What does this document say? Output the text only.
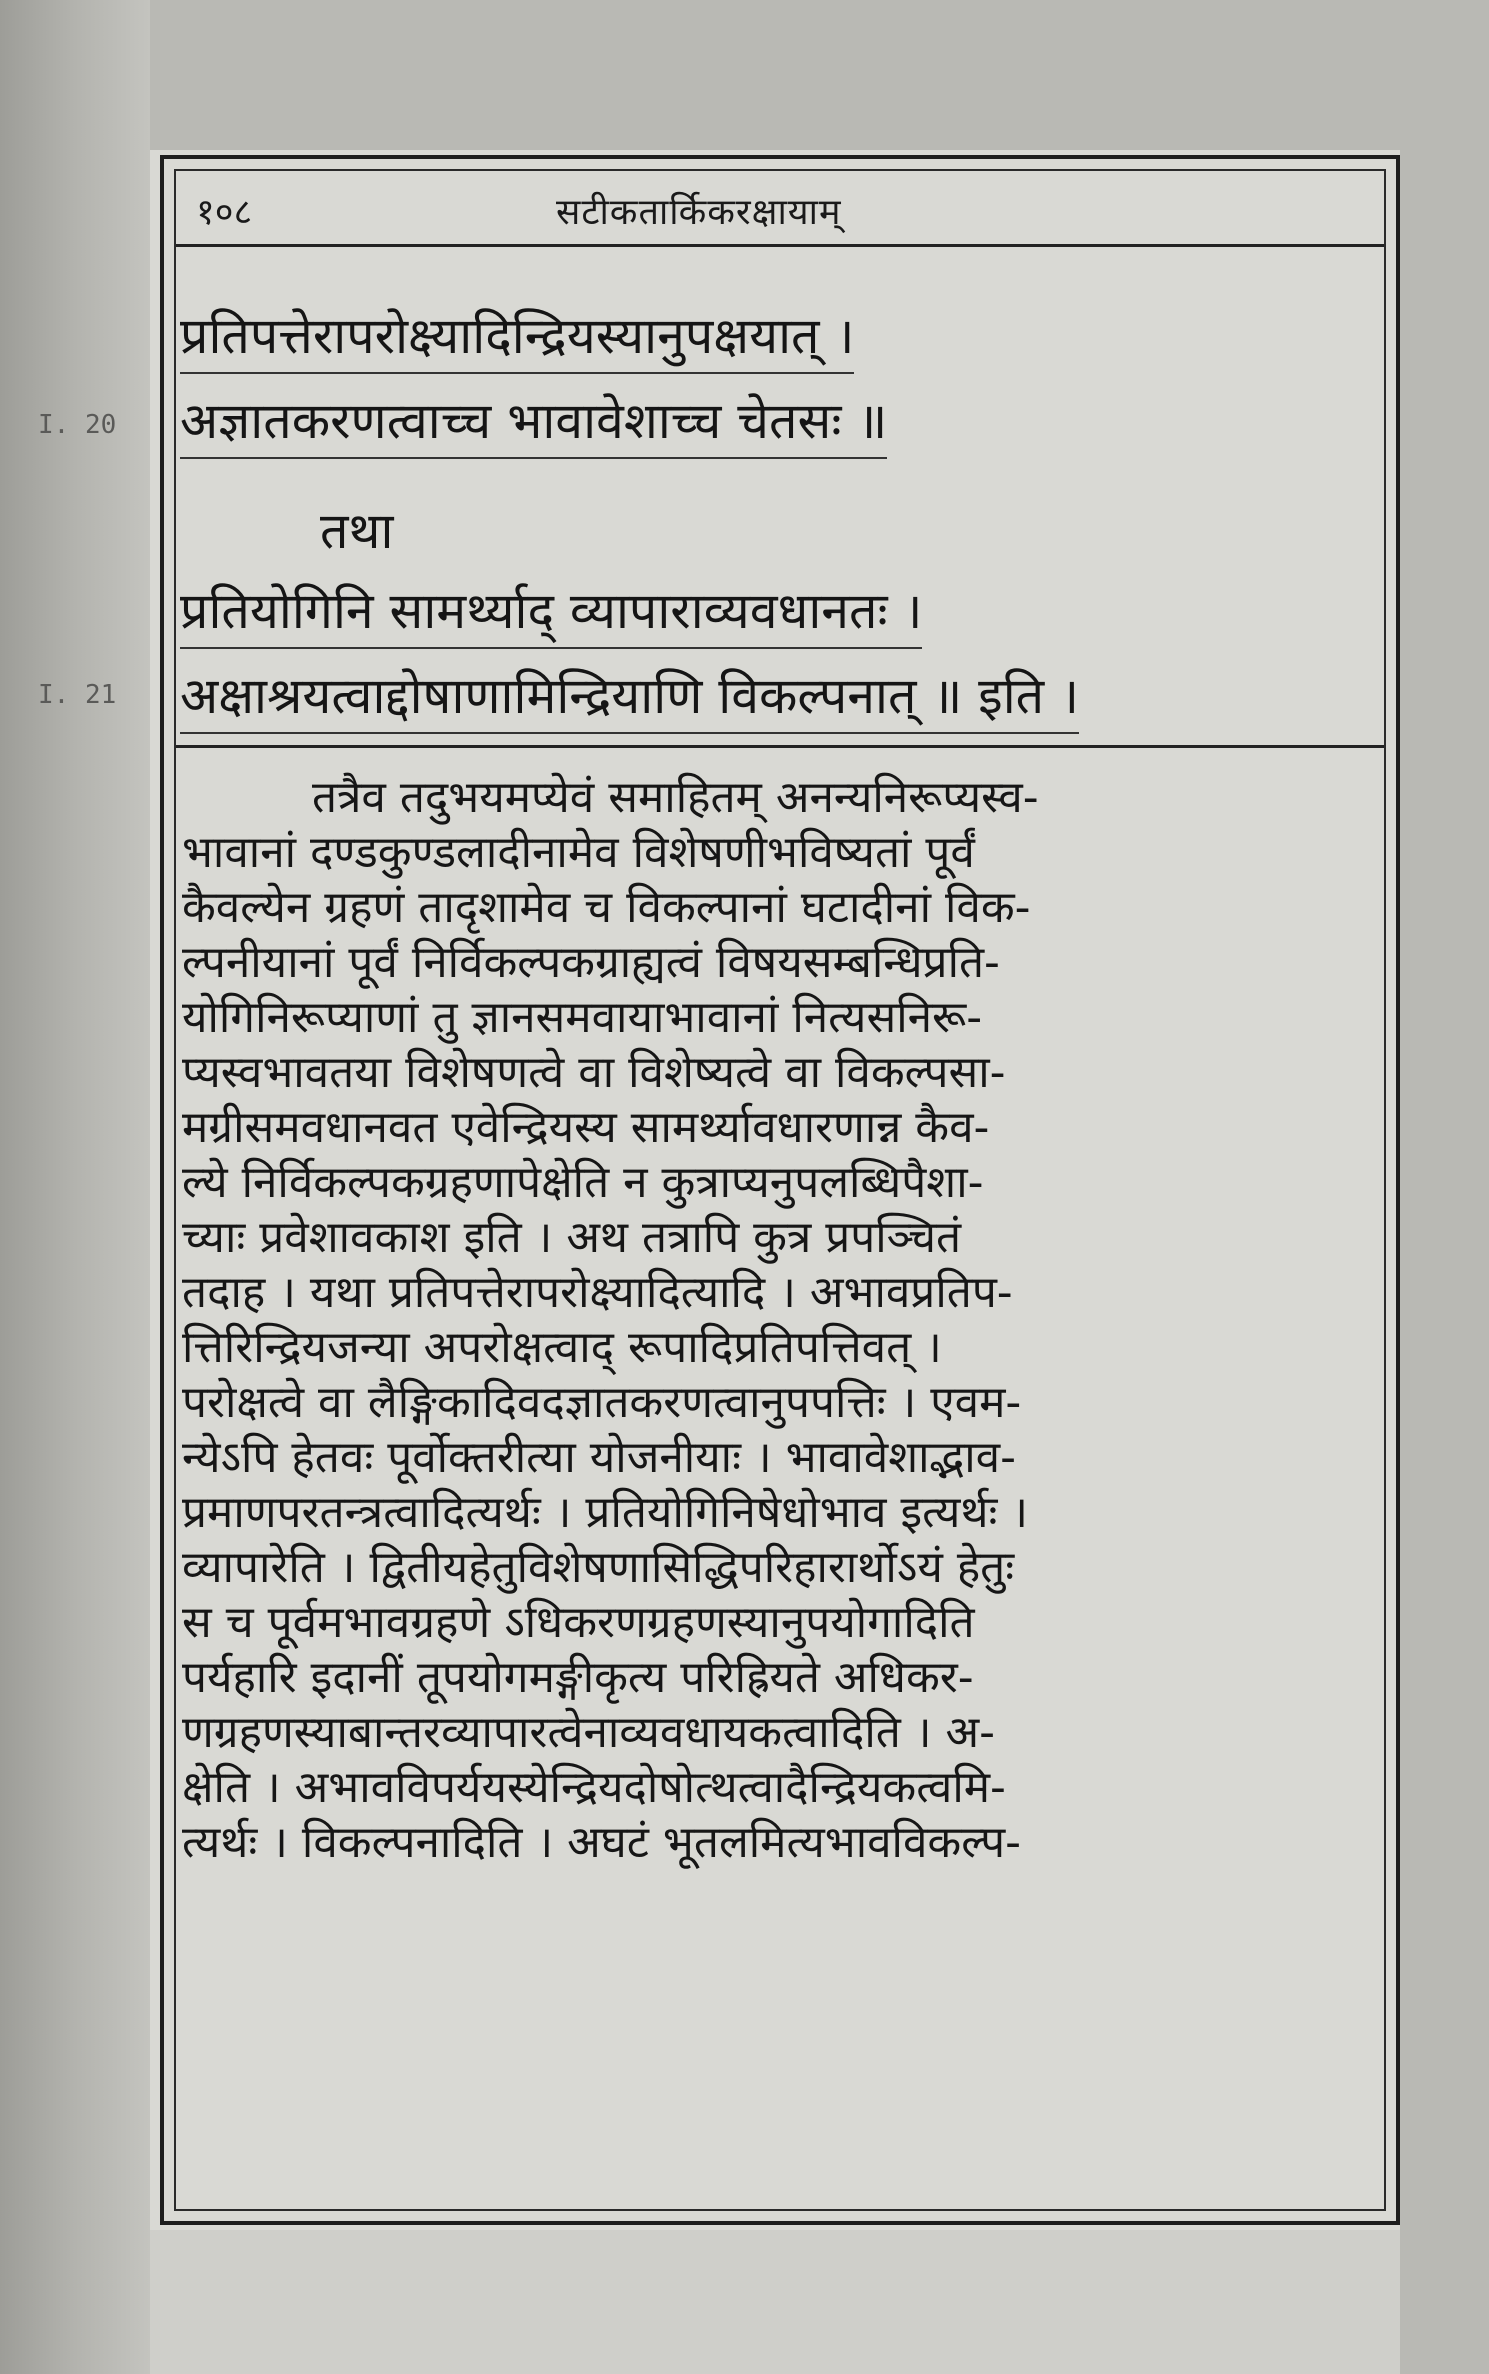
१०८	सटीकतार्किकरक्षायाम्
I. 20
I. 21
प्रतिपत्तेरापरोक्ष्यादिन्द्रियस्यानुपक्षयात् ।
अज्ञातकरणत्वाच्च भावावेशाच्च चेतसः ॥
तथा
प्रतियोगिनि सामर्थ्याद् व्यापाराव्यवधानतः ।
अक्षाश्रयत्वाद्दोषाणामिन्द्रियाणि विकल्पनात् ॥ इति ।
तत्रैव तदुभयमप्येवं समाहितम् अनन्यनिरूप्यस्व-
भावानां दण्डकुण्डलादीनामेव विशेषणीभविष्यतां पूर्वं
कैवल्येन ग्रहणं तादृशामेव च विकल्पानां घटादीनां विक-
ल्पनीयानां पूर्वं निर्विकल्पकग्राह्यत्वं विषयसम्बन्धिप्रति-
योगिनिरूप्याणां तु ज्ञानसमवायाभावानां नित्यसनिरू-
प्यस्वभावतया विशेषणत्वे वा विशेष्यत्वे वा विकल्पसा-
मग्रीसमवधानवत एवेन्द्रियस्य सामर्थ्यावधारणान्न कैव-
ल्ये निर्विकल्पकग्रहणापेक्षेति न कुत्राप्यनुपलब्धिपैशा-
च्याः प्रवेशावकाश इति । अथ तत्रापि कुत्र प्रपञ्चितं
तदाह । यथा प्रतिपत्तेरापरोक्ष्यादित्यादि । अभावप्रतिप-
त्तिरिन्द्रियजन्या अपरोक्षत्वाद् रूपादिप्रतिपत्तिवत् ।
परोक्षत्वे वा लैङ्गिकादिवदज्ञातकरणत्वानुपपत्तिः । एवम-
न्येऽपि हेतवः पूर्वोक्तरीत्या योजनीयाः । भावावेशाद्भाव-
प्रमाणपरतन्त्रत्वादित्यर्थः । प्रतियोगिनिषेधोभाव इत्यर्थः ।
व्यापारेति । द्वितीयहेतुविशेषणासिद्धिपरिहारार्थोऽयं हेतुः
स च पूर्वमभावग्रहणे ऽधिकरणग्रहणस्यानुपयोगादिति
पर्यहारि इदानीं तूपयोगमङ्गीकृत्य परिह्रियते अधिकर-
णग्रहणस्याबान्तरव्यापारत्वेनाव्यवधायकत्वादिति । अ-
क्षेति । अभावविपर्ययस्येन्द्रियदोषोत्थत्वादैन्द्रियकत्वमि-
त्यर्थः । विकल्पनादिति । अघटं भूतलमित्यभावविकल्प-
